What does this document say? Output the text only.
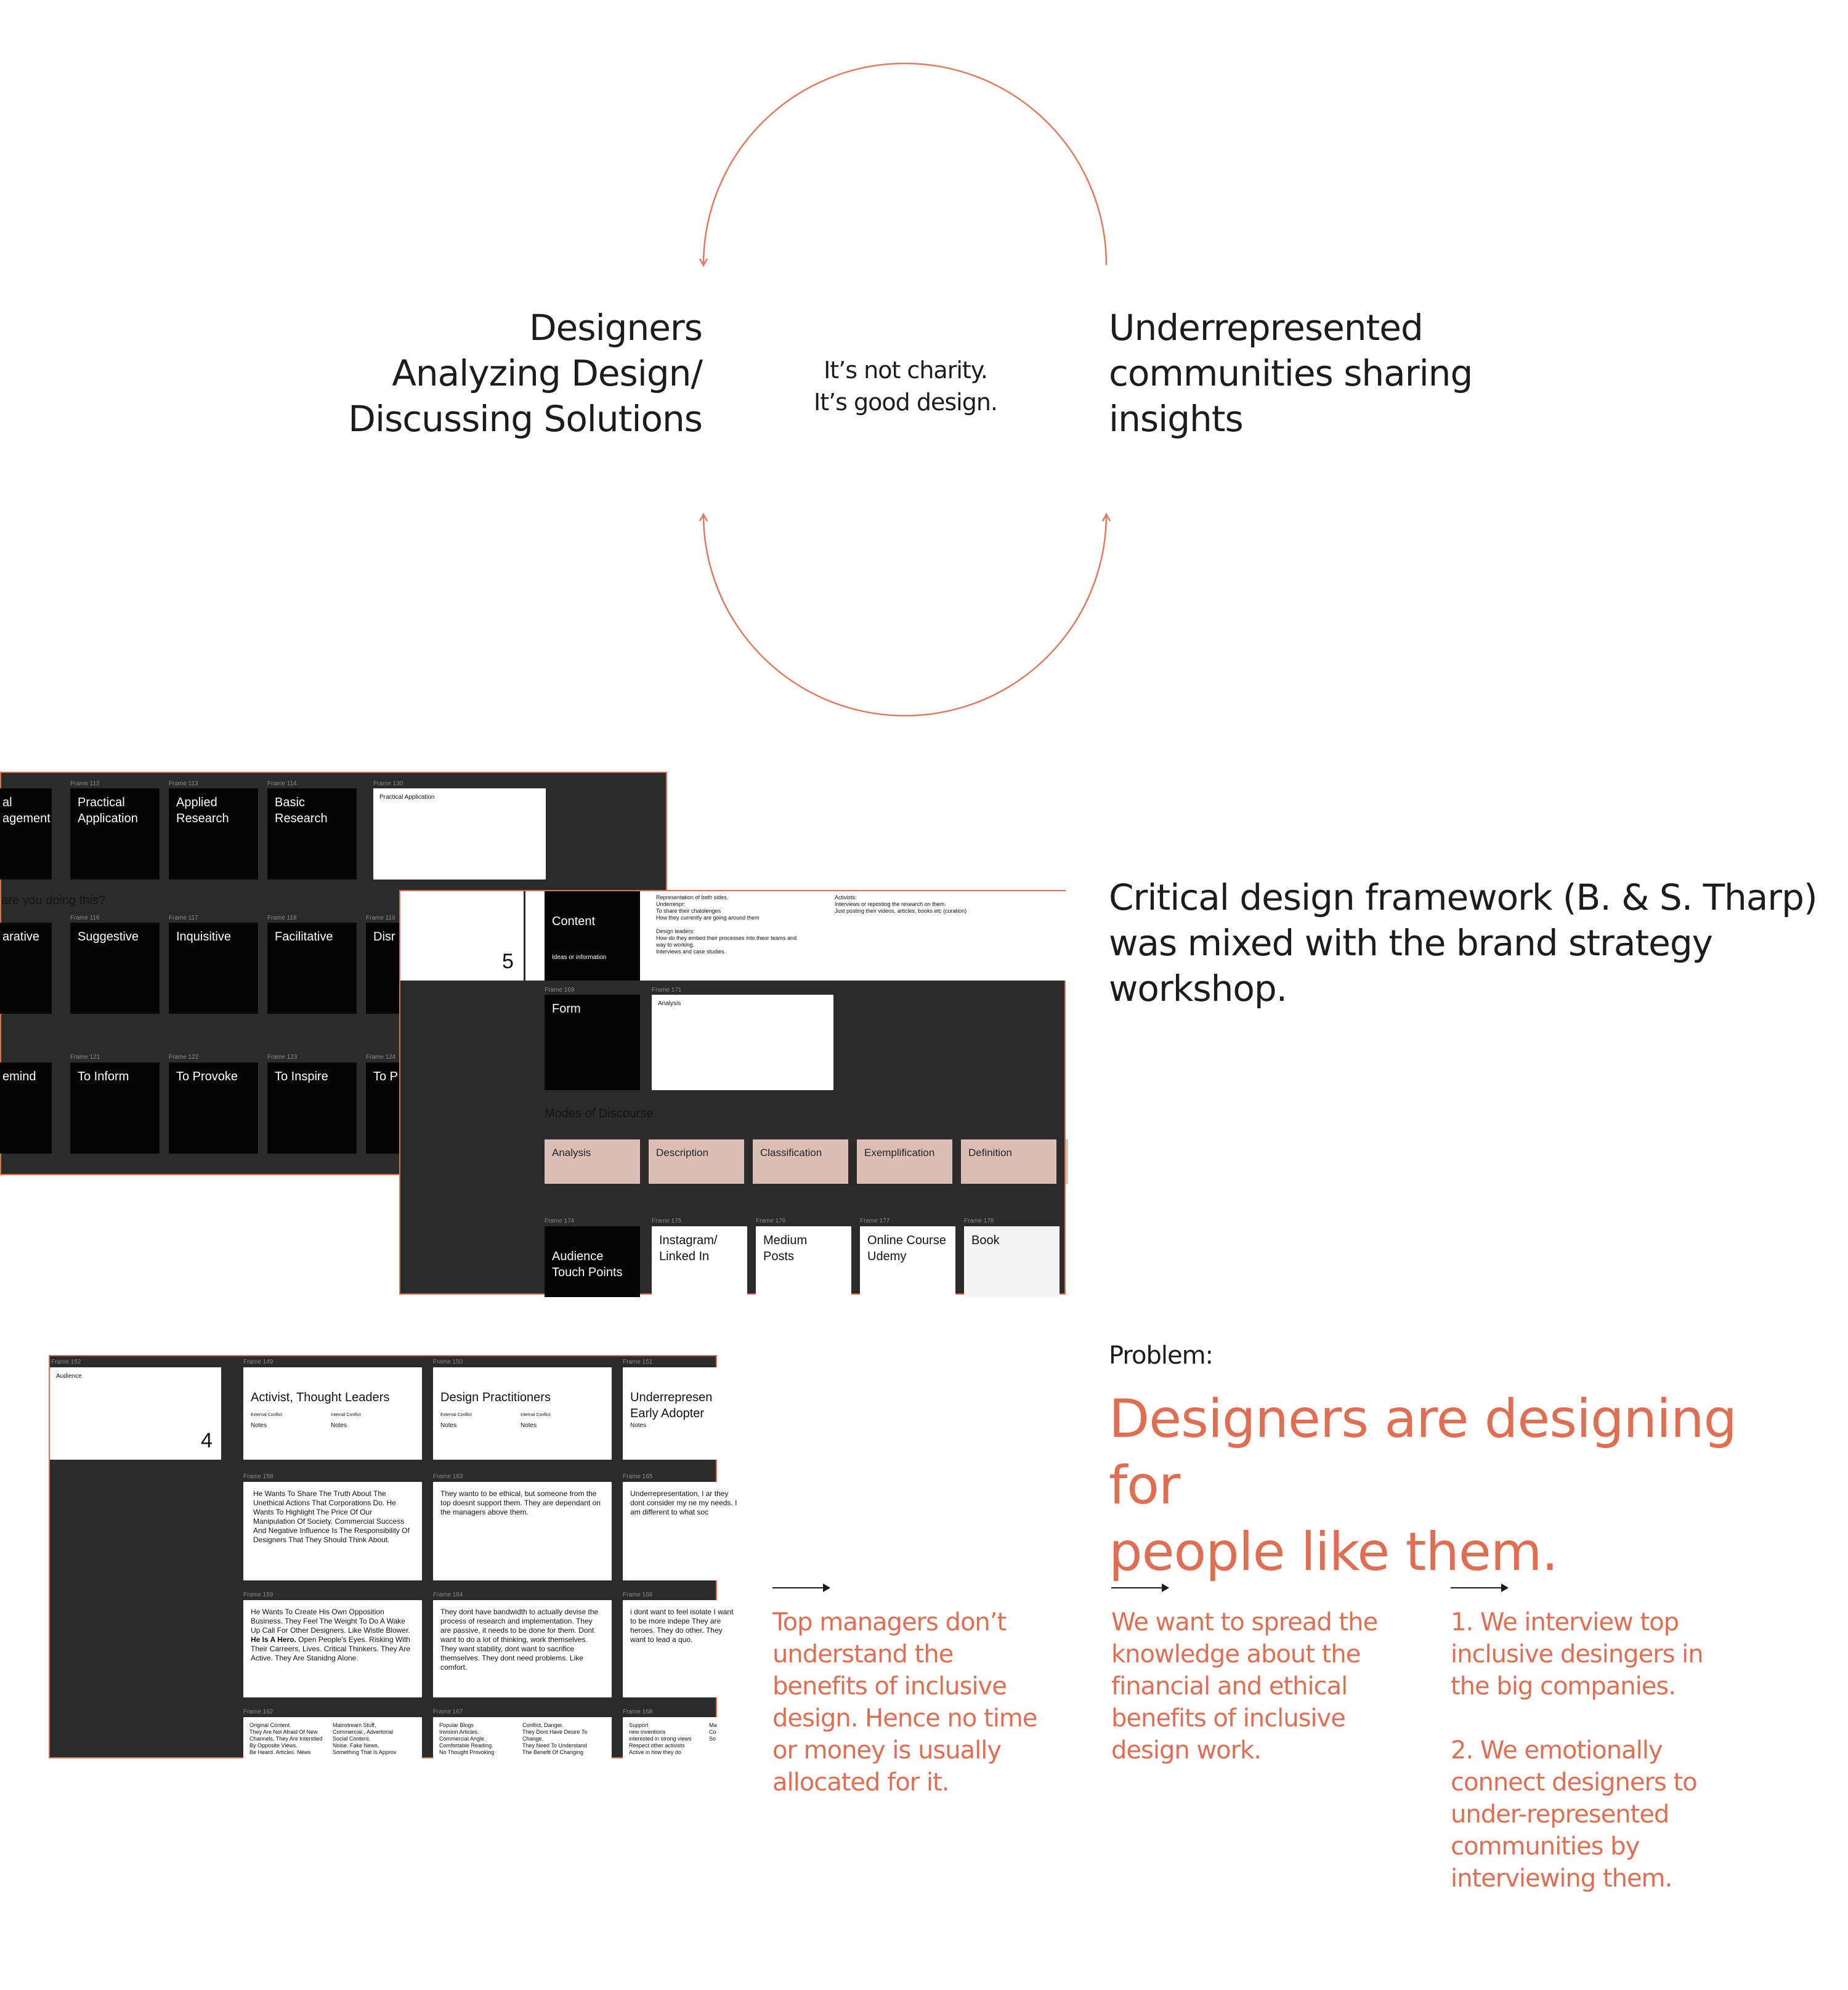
Designers
Analyzing Design/
Discussing Solutions
It’s not charity.
It’s good design.
Underrepresented
communities sharing
insights
Frame 112	Frame 113	Frame 114	Frame 130
al
agement
Practical
Application
Applied
Research
Basic
Research
Practical Application
are you doing this?
Frame 116	Frame 117	Frame 118	Frame 119
arative	Suggestive	Inquisitive	Facilitative	Disr
Frame 121	Frame 122	Frame 123	Frame 124
emind	To Inform	To Provoke	To Inspire	To P
5

Content

Ideas or information

Representation of both sides.
Underrespr:
To share their chalolenges
How they currently are going around them
Design leaders:
How do they embed their processes into theor teams and
way to working.
Interviews and case studies.
Activists:
Interviews or reposting the research on them.
Just posting their videos, articles, books etc (curation)
Frame 169	Frame 171
Form	Analysis
Modes of Discourse
Analysis	Description	Classification	Exemplification	Definition
Frame 174	Frame 175	Frame 176	Frame 177	Frame 178

Audience
Touch Points

Main products of business
and their features

Instagram/
Linked In
Medium
Posts
Online Course
Udemy
Book
Frame 152
Audience
4
Frame 149	Frame 150	Frame 151

Activist, Thought Leaders

External Conflict	Internal Conflict

Notes	Notes

Design Practitioners

External Conflict	Internal Conflict

Notes	Notes

Underrepresen
Early Adopter

Notes

Frame 158	Frame 163	Frame 165
He Wants To Share The Truth About The Unethical Actions That Corporations Do. He Wants To Highlight The Price Of Our Manipulation Of Society. Commercial Success And Negative Influence Is The Responsibility Of Designers That They Should Think About.
They wanto to be ethical, but someone from the top doesnt support them. They are dependant on the managers above them.
Underrepresentation, I ar they dont consider my ne my needs. I am different to what soc
Frame 159	Frame 164	Frame 166
He Wants To Create His Own Opposition Business. They Feel The Weight To Do A Wake Up Call For Other Designers. Like Wistle Blower. He Is A Hero. Open People's Eyes. Risking With Their Carreers, Lives. Critical Thinkers. They Are Active. They Are Stanidng Alone.
They dont have bandwidth to actually devise the process of research and implementation. They are passive, it needs to be done for them. Dont want to do a lot of thinking, work themselves. They want stability, dont want to sacrifice themselves. They dont need problems. Like comfort.
i dont want to feel isolate I want to be more indepe They are heroes. They do other. They want to lead a quo.
Frame 162	Frame 167	Frame 168
Original Content.
They Are Not Afraid Of New
Channels, They Are Interstied
By Opposite Views.
Be Heard. Articles. News
Mainstream Stuff,
Commercial., Advertorial
Social Content.
Noise. Fake News.
Something That Is Approv
Popular Blogs
Invision Articles.
Commercial Angle.
Comfortable Reading.
No Thought Provoking
Conflict, Danger.
They Dont Have Desire To
Change.
They Need To Understand
The Benefit Of Changing
Support
new inventions
interested in strong views
Respect other activists
Active in how they do
Ma
Co
So
Critical design framework (B. & S. Tharp) was mixed with the brand strategy workshop.
Problem:
Designers are designing for
people like them.
Top managers don’t
understand the
benefits of inclusive
design. Hence no time
or money is usually
allocated for it.
We want to spread the
knowledge about the
financial and ethical
benefits of inclusive
design work.
1. We interview top
inclusive desingers in
the big companies.

2. We emotionally
connect designers to
under-represented
communities by
interviewing them.
